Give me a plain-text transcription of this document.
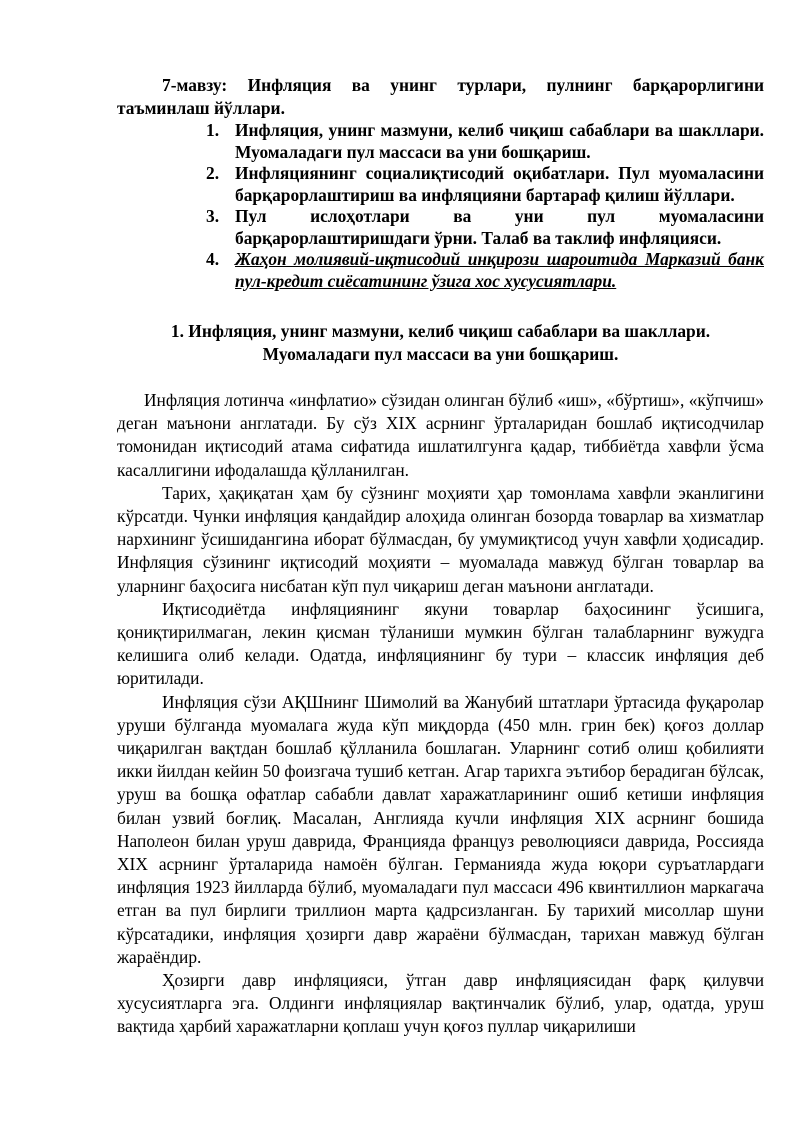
7-мавзу: Инфляция ва унинг турлари, пулнинг барқарорлигини таъминлаш йўллари.

1. Инфляция, унинг мазмуни, келиб чиқиш сабаблари ва шакллари. Муомаладаги пул массаси ва уни бошқариш.
2. Инфляциянинг социалиқтисодий оқибатлари. Пул муомаласини барқарорлаштириш ва инфляцияни бартараф қилиш йўллари.
3. Пул ислоҳотлари ва уни пул муомаласини барқарорлаштиришдаги ўрни. Талаб ва таклиф инфляцияси.
4. Жаҳон молиявий-иқтисодий инқирози шароитида Марказий банк пул-кредит сиёсатининг ўзига хос хусусиятлари.

1. Инфляция, унинг мазмуни, келиб чиқиш сабаблари ва шакллари.

Муомаладаги пул массаси ва уни бошқариш.

Инфляция лотинча «инфлатио» сўзидан олинган бўлиб «иш», «бўртиш», «кўпчиш» деган маънони англатади. Бу сўз XIX асрнинг ўрталаридан бошлаб иқтисодчилар томонидан иқтисодий атама сифатида ишлатилгунга қадар, тиббиётда хавфли ўсма касаллигини ифодалашда қўлланилган.

Тарих, ҳақиқатан ҳам бу сўзнинг моҳияти ҳар томонлама хавфли эканлигини кўрсатди. Чунки инфляция қандайдир алоҳида олинган бозорда товарлар ва хизматлар нархининг ўсишидангина иборат бўлмасдан, бу умумиқтисод учун хавфли ҳодисадир. Инфляция сўзининг иқтисодий моҳияти – муомалада мавжуд бўлган товарлар ва уларнинг баҳосига нисбатан кўп пул чиқариш деган маънони англатади.

Иқтисодиётда инфляциянинг якуни товарлар баҳосининг ўсишига, қониқтирилмаган, лекин қисман тўланиши мумкин бўлган талабларнинг вужудга келишига олиб келади. Одатда, инфляциянинг бу тури – классик инфляция деб юритилади.

Инфляция сўзи АҚШнинг Шимолий ва Жанубий штатлари ўртасида фуқаролар уруши бўлганда муомалага жуда кўп миқдорда (450 млн. грин бек) қоғоз доллар чиқарилган вақтдан бошлаб қўлланила бошлаган. Уларнинг сотиб олиш қобилияти икки йилдан кейин 50 фоизгача тушиб кетган. Агар тарихга эътибор берадиган бўлсак, уруш ва бошқа офатлар сабабли давлат харажатларининг ошиб кетиши инфляция билан узвий боғлиқ. Масалан, Англияда кучли инфляция XIX асрнинг бошида Наполеон билан уруш даврида, Францияда француз революцияси даврида, Россияда XIX асрнинг ўрталарида намоён бўлган. Германияда жуда юқори суръатлардаги инфляция 1923 йилларда бўлиб, муомаладаги пул массаси 496 квинтиллион маркагача етган ва пул бирлиги триллион марта қадрсизланган. Бу тарихий мисоллар шуни кўрсатадики, инфляция ҳозирги давр жараёни бўлмасдан, тарихан мавжуд бўлган жараёндир.

Ҳозирги давр инфляцияси, ўтган давр инфляциясидан фарқ қилувчи хусусиятларга эга. Олдинги инфляциялар вақтинчалик бўлиб, улар, одатда, уруш вақтида ҳарбий харажатларни қоплаш учун қоғоз пуллар чиқарилиши
